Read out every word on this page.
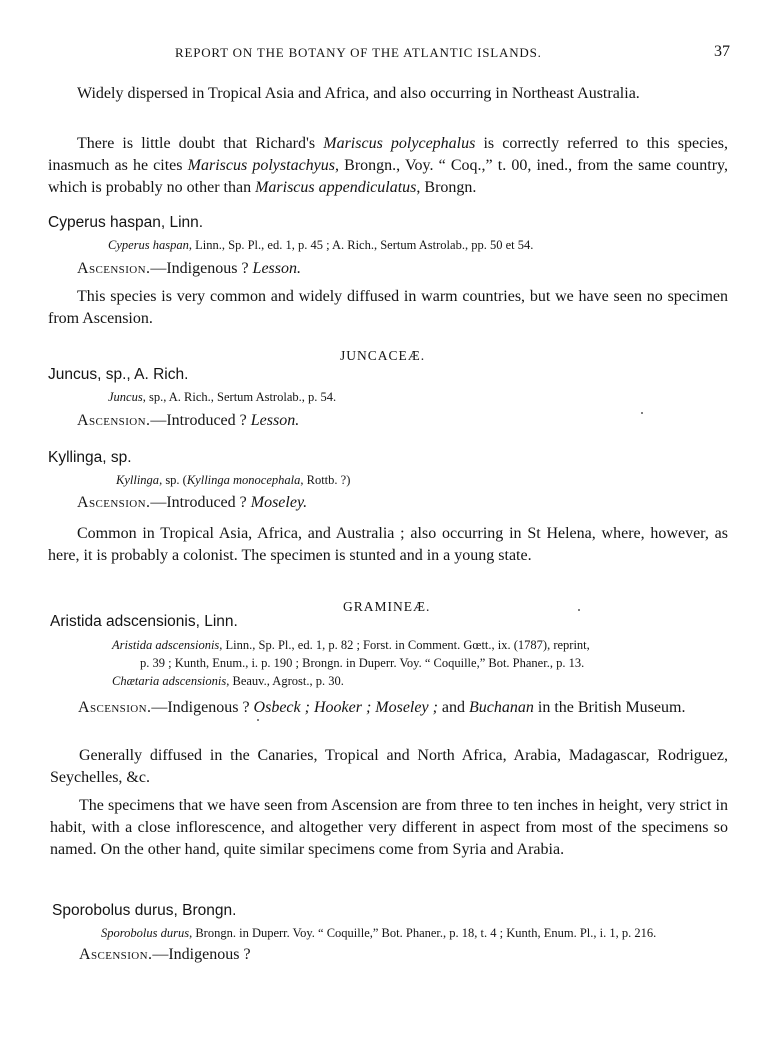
REPORT ON THE BOTANY OF THE ATLANTIC ISLANDS.	37
Widely dispersed in Tropical Asia and Africa, and also occurring in Northeast Australia.
There is little doubt that Richard's Mariscus polycephalus is correctly referred to this species, inasmuch as he cites Mariscus polystachyus, Brongn., Voy. “ Coq.,” t. 00, ined., from the same country, which is probably no other than Mariscus appendiculatus, Brongn.
Cyperus haspan, Linn.
Cyperus haspan, Linn., Sp. Pl., ed. 1, p. 45 ; A. Rich., Sertum Astrolab., pp. 50 et 54.
Ascension.—Indigenous ? Lesson.
This species is very common and widely diffused in warm countries, but we have seen no specimen from Ascension.
JUNCACEÆ.
Juncus, sp., A. Rich.
Juncus, sp., A. Rich., Sertum Astrolab., p. 54.
Ascension.—Introduced ? Lesson.
Kyllinga, sp.
Kyllinga, sp. (Kyllinga monocephala, Rottb. ?)
Ascension.—Introduced ? Moseley.
Common in Tropical Asia, Africa, and Australia ; also occurring in St Helena, where, however, as here, it is probably a colonist. The specimen is stunted and in a young state.
GRAMINEÆ.
Aristida adscensionis, Linn.
Aristida adscensionis, Linn., Sp. Pl., ed. 1, p. 82 ; Forst. in Comment. Gœtt., ix. (1787), reprint,
p. 39 ; Kunth, Enum., i. p. 190 ; Brongn. in Duperr. Voy. “ Coquille,” Bot. Phaner., p. 13.
Chætaria adscensionis, Beauv., Agrost., p. 30.
Ascension.—Indigenous ? Osbeck ; Hooker ; Moseley ; and Buchanan in the British Museum.
Generally diffused in the Canaries, Tropical and North Africa, Arabia, Madagascar, Rodriguez, Seychelles, &c.
The specimens that we have seen from Ascension are from three to ten inches in height, very strict in habit, with a close inflorescence, and altogether very different in aspect from most of the specimens so named. On the other hand, quite similar specimens come from Syria and Arabia.
Sporobolus durus, Brongn.
Sporobolus durus, Brongn. in Duperr. Voy. “ Coquille,” Bot. Phaner., p. 18, t. 4 ; Kunth, Enum. Pl., i. 1, p. 216.
Ascension.—Indigenous ?
